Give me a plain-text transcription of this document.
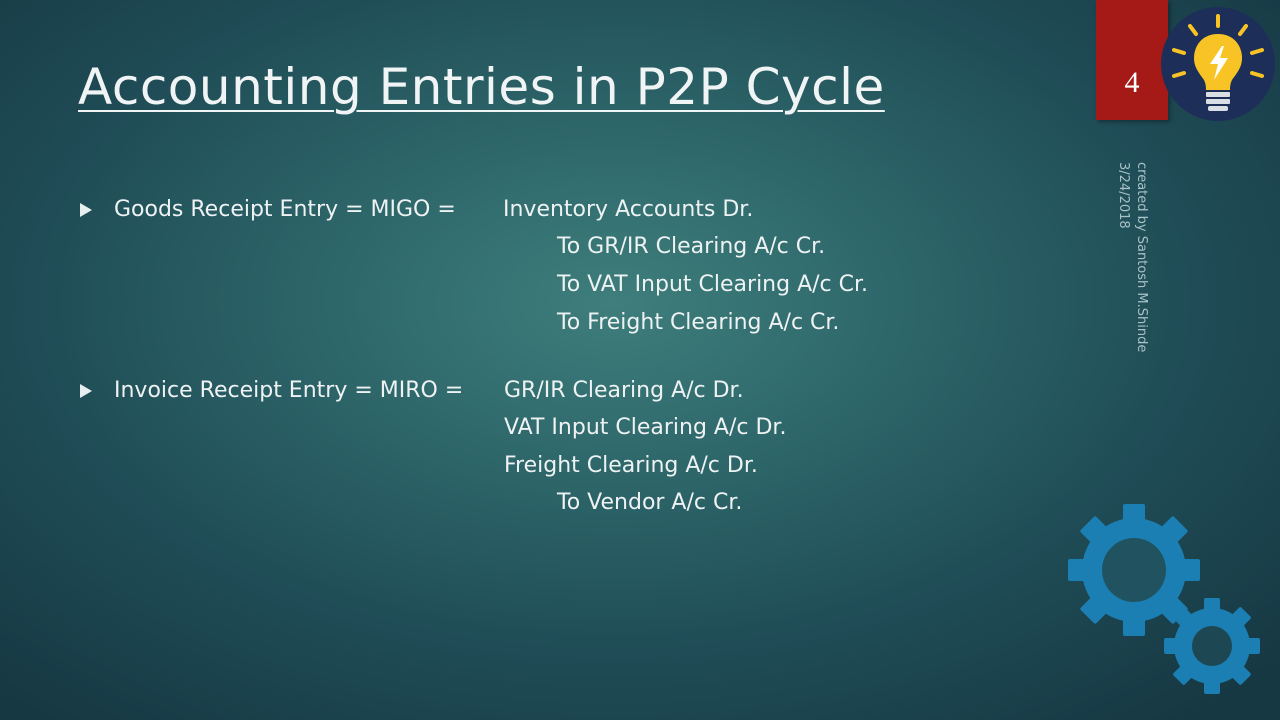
Accounting Entries in P2P Cycle	4
created by Santosh M.Shinde
3/24/2018
Goods Receipt Entry = MIGO = Inventory Accounts Dr.
To GR/IR Clearing A/c Cr.
To VAT Input Clearing A/c Cr.
To Freight Clearing A/c Cr.
Invoice Receipt Entry = MIRO = GR/IR Clearing A/c Dr.
VAT Input Clearing A/c Dr.
Freight Clearing A/c Dr.
To Vendor A/c Cr.
